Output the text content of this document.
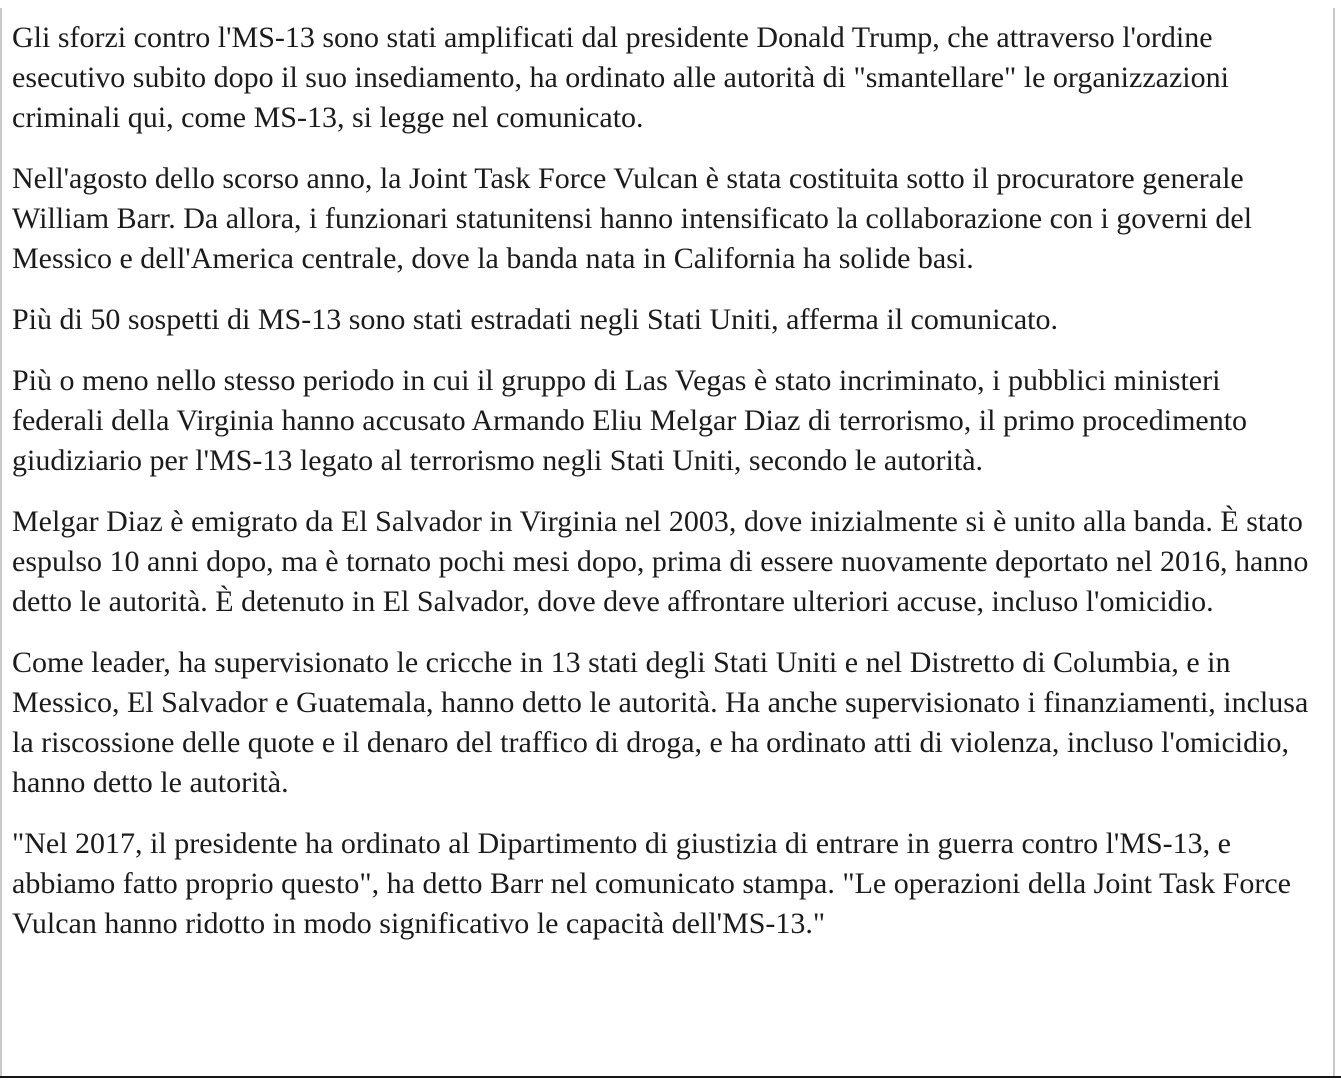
Gli sforzi contro l'MS-13 sono stati amplificati dal presidente Donald Trump, che attraverso l'ordine esecutivo subito dopo il suo insediamento, ha ordinato alle autorità di "smantellare" le organizzazioni criminali qui, come MS-13, si legge nel comunicato.

Nell'agosto dello scorso anno, la Joint Task Force Vulcan è stata costituita sotto il procuratore generale William Barr. Da allora, i funzionari statunitensi hanno intensificato la collaborazione con i governi del Messico e dell'America centrale, dove la banda nata in California ha solide basi.

Più di 50 sospetti di MS-13 sono stati estradati negli Stati Uniti, afferma il comunicato.

Più o meno nello stesso periodo in cui il gruppo di Las Vegas è stato incriminato, i pubblici ministeri federali della Virginia hanno accusato Armando Eliu Melgar Diaz di terrorismo, il primo procedimento giudiziario per l'MS-13 legato al terrorismo negli Stati Uniti, secondo le autorità.

Melgar Diaz è emigrato da El Salvador in Virginia nel 2003, dove inizialmente si è unito alla banda. È stato espulso 10 anni dopo, ma è tornato pochi mesi dopo, prima di essere nuovamente deportato nel 2016, hanno detto le autorità. È detenuto in El Salvador, dove deve affrontare ulteriori accuse, incluso l'omicidio.

Come leader, ha supervisionato le cricche in 13 stati degli Stati Uniti e nel Distretto di Columbia, e in Messico, El Salvador e Guatemala, hanno detto le autorità. Ha anche supervisionato i finanziamenti, inclusa la riscossione delle quote e il denaro del traffico di droga, e ha ordinato atti di violenza, incluso l'omicidio, hanno detto le autorità.

"Nel 2017, il presidente ha ordinato al Dipartimento di giustizia di entrare in guerra contro l'MS-13, e abbiamo fatto proprio questo", ha detto Barr nel comunicato stampa. "Le operazioni della Joint Task Force Vulcan hanno ridotto in modo significativo le capacità dell'MS-13."
